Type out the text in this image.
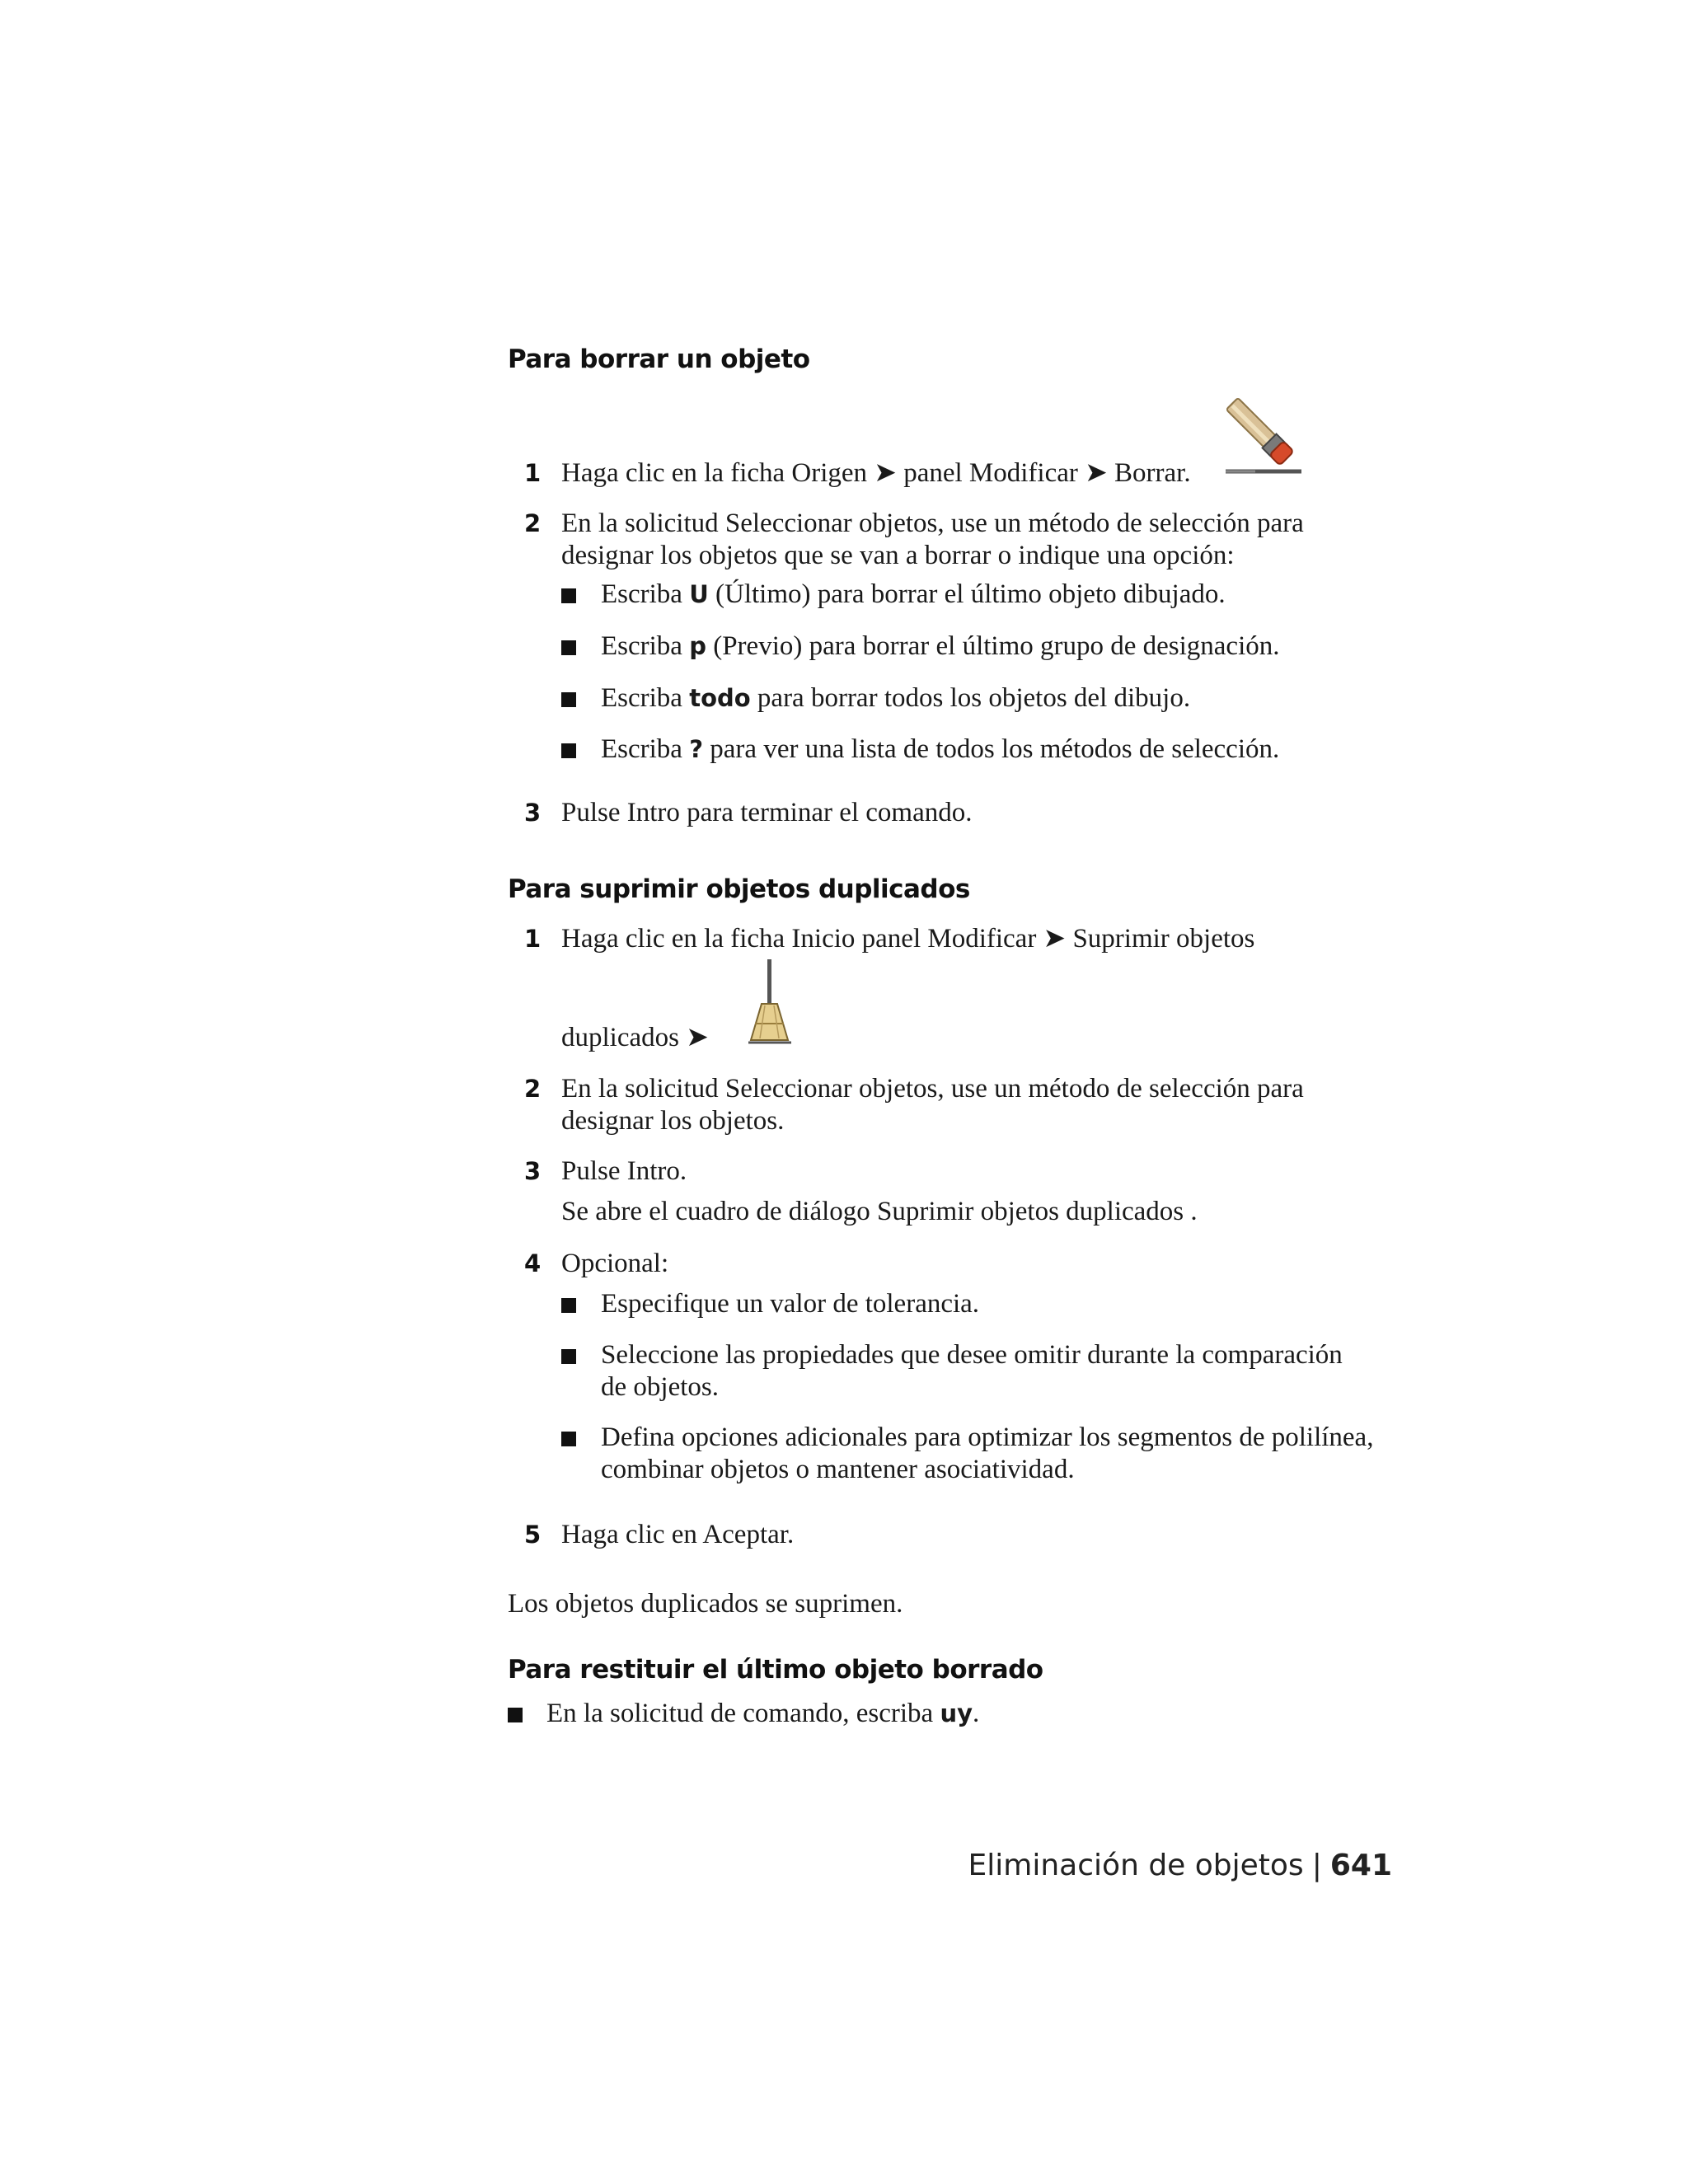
Para borrar un objeto
1 Haga clic en la ficha Origen ➤ panel Modificar ➤ Borrar.
2 En la solicitud Seleccionar objetos, use un método de selección para
designar los objetos que se van a borrar o indique una opción:
Escriba U (Último) para borrar el último objeto dibujado.
Escriba p (Previo) para borrar el último grupo de designación.
Escriba todo para borrar todos los objetos del dibujo.
Escriba ? para ver una lista de todos los métodos de selección.
3 Pulse Intro para terminar el comando.
Para suprimir objetos duplicados
1 Haga clic en la ficha Inicio panel Modificar ➤ Suprimir objetos
duplicados ➤
2 En la solicitud Seleccionar objetos, use un método de selección para
designar los objetos.
3 Pulse Intro.
Se abre el cuadro de diálogo Suprimir objetos duplicados .
4 Opcional:
Especifique un valor de tolerancia.
Seleccione las propiedades que desee omitir durante la comparación
de objetos.
Defina opciones adicionales para optimizar los segmentos de polilínea,
combinar objetos o mantener asociatividad.
5 Haga clic en Aceptar.
Los objetos duplicados se suprimen.
Para restituir el último objeto borrado
En la solicitud de comando, escriba uy.
Eliminación de objetos | 641
